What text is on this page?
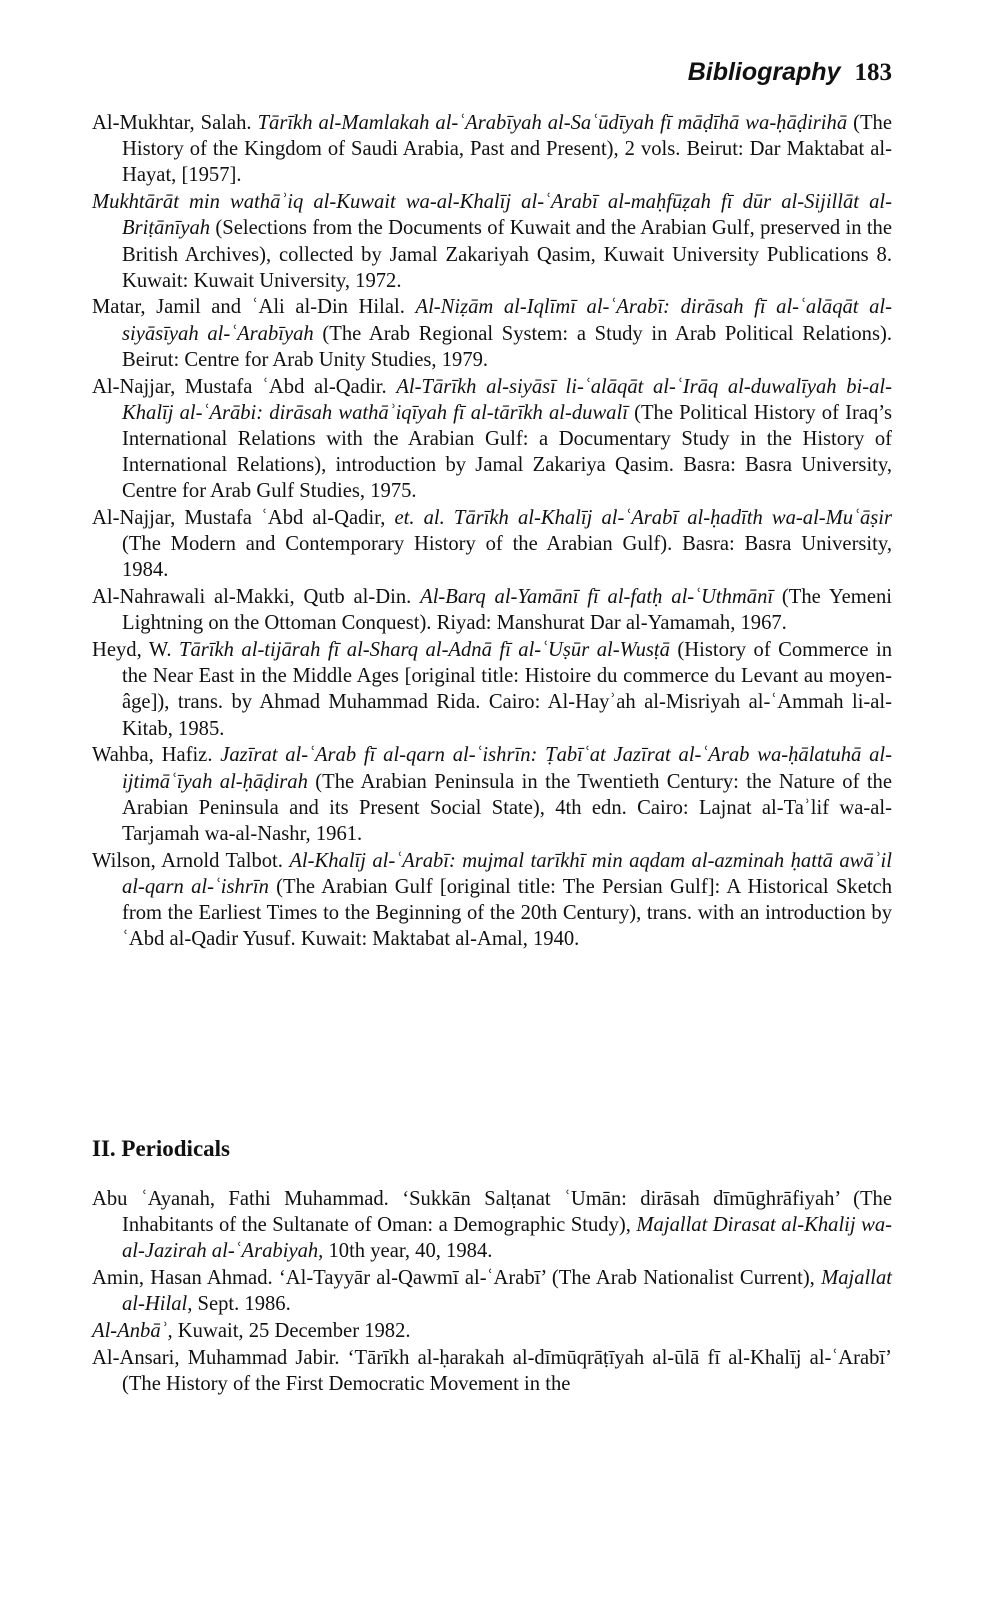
Bibliography 183

Al-Mukhtar, Salah. Tārīkh al-Mamlakah al-ʿArabīyah al-Saʿūdīyah fī māḍīhā wa-ḥāḍirihā (The History of the Kingdom of Saudi Arabia, Past and Present), 2 vols. Beirut: Dar Maktabat al-Hayat, [1957].

Mukhtārāt min wathāʾiq al-Kuwait wa-al-Khalīj al-ʿArabī al-maḥfūẓah fī dūr al-Sijillāt al-Briṭānīyah (Selections from the Documents of Kuwait and the Arabian Gulf, preserved in the British Archives), collected by Jamal Zakariyah Qasim, Kuwait University Publications 8. Kuwait: Kuwait University, 1972.

Matar, Jamil and ʿAli al-Din Hilal. Al-Niẓām al-Iqlīmī al-ʿArabī: dirāsah fī al-ʿalāqāt al-siyāsīyah al-ʿArabīyah (The Arab Regional System: a Study in Arab Political Relations). Beirut: Centre for Arab Unity Studies, 1979.

Al-Najjar, Mustafa ʿAbd al-Qadir. Al-Tārīkh al-siyāsī li-ʿalāqāt al-ʿIrāq al-duwalīyah bi-al-Khalīj al-ʿArābi: dirāsah wathāʾiqīyah fī al-tārīkh al-duwalī (The Political History of Iraq’s International Relations with the Arabian Gulf: a Documentary Study in the History of International Relations), introduction by Jamal Zakariya Qasim. Basra: Basra University, Centre for Arab Gulf Studies, 1975.

Al-Najjar, Mustafa ʿAbd al-Qadir, et. al. Tārīkh al-Khalīj al-ʿArabī al-ḥadīth wa-al-Muʿāṣir (The Modern and Contemporary History of the Arabian Gulf). Basra: Basra University, 1984.

Al-Nahrawali al-Makki, Qutb al-Din. Al-Barq al-Yamānī fī al-fatḥ al-ʿUthmānī (The Yemeni Lightning on the Ottoman Conquest). Riyad: Manshurat Dar al-Yamamah, 1967.

Heyd, W. Tārīkh al-tijārah fī al-Sharq al-Adnā fī al-ʿUṣūr al-Wusṭā (History of Commerce in the Near East in the Middle Ages [original title: Histoire du commerce du Levant au moyen-âge]), trans. by Ahmad Muhammad Rida. Cairo: Al-Hayʾah al-Misriyah al-ʿAmmah li-al-Kitab, 1985.

Wahba, Hafiz. Jazīrat al-ʿArab fī al-qarn al-ʿishrīn: Ṭabīʿat Jazīrat al-ʿArab wa-ḥālatuhā al-ijtimāʿīyah al-ḥāḍirah (The Arabian Peninsula in the Twentieth Century: the Nature of the Arabian Peninsula and its Present Social State), 4th edn. Cairo: Lajnat al-Taʾlif wa-al-Tarjamah wa-al-Nashr, 1961.

Wilson, Arnold Talbot. Al-Khalīj al-ʿArabī: mujmal tarīkhī min aqdam al-azminah ḥattā awāʾil al-qarn al-ʿishrīn (The Arabian Gulf [original title: The Persian Gulf]: A Historical Sketch from the Earliest Times to the Beginning of the 20th Century), trans. with an introduction by ʿAbd al-Qadir Yusuf. Kuwait: Maktabat al-Amal, 1940.

II. Periodicals

Abu ʿAyanah, Fathi Muhammad. ‘Sukkān Salṭanat ʿUmān: dirāsah dīmūghrāfiyah’ (The Inhabitants of the Sultanate of Oman: a Demographic Study), Majallat Dirasat al-Khalij wa-al-Jazirah al-ʿArabiyah, 10th year, 40, 1984.

Amin, Hasan Ahmad. ‘Al-Tayyār al-Qawmī al-ʿArabī’ (The Arab Nationalist Current), Majallat al-Hilal, Sept. 1986.

Al-Anbāʾ, Kuwait, 25 December 1982.

Al-Ansari, Muhammad Jabir. ‘Tārīkh al-ḥarakah al-dīmūqrāṭīyah al-ūlā fī al-Khalīj al-ʿArabī’ (The History of the First Democratic Movement in the
